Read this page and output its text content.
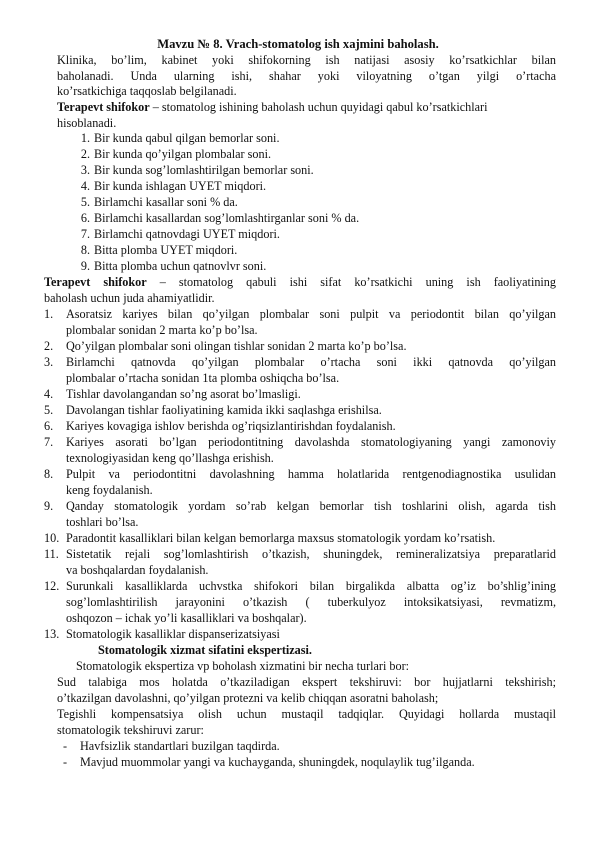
Mavzu № 8. Vrach-stomatolog ish xajmini baholash.
Klinika, bo’lim, kabinet yoki shifokorning ish natijasi asosiy ko’rsatkichlar bilan
baholanadi. Unda ularning ishi, shahar yoki viloyatning o’tgan yilgi o’rtacha
ko’rsatkichiga taqqoslab belgilanadi.
Terapevt shifokor – stomatolog ishining baholash uchun quyidagi qabul ko’rsatkichlari
hisoblanadi.
1. Bir kunda qabul qilgan bemorlar soni.
2. Bir kunda qo’yilgan plombalar soni.
3. Bir kunda sog’lomlashtirilgan bemorlar soni.
4. Bir kunda ishlagan UYET miqdori.
5. Birlamchi kasallar soni % da.
6. Birlamchi kasallardan sog’lomlashtirganlar soni % da.
7. Birlamchi qatnovdagi UYET miqdori.
8. Bitta plomba UYET miqdori.
9. Bitta plomba uchun qatnovlvr soni.
Terapevt shifokor – stomatolog qabuli ishi sifat ko’rsatkichi uning ish faoliyatining
baholash uchun juda ahamiyatlidir.
1.	Asoratsiz kariyes bilan qo’yilgan plombalar soni pulpit va periodontit bilan qo’yilgan
plombalar sonidan 2 marta ko’p bo’lsa.
2.	Qo’yilgan plombalar soni olingan tishlar sonidan 2 marta ko’p bo’lsa.
3.	Birlamchi qatnovda qo’yilgan plombalar o’rtacha soni ikki qatnovda qo’yilgan
plombalar o’rtacha sonidan 1ta plomba oshiqcha bo’lsa.
4.	Tishlar davolangandan so’ng asorat bo’lmasligi.
5.	Davolangan tishlar faoliyatining kamida ikki saqlashga erishilsa.
6.	Kariyes kovagiga ishlov berishda og’riqsizlantirishdan foydalanish.
7.	Kariyes asorati bo’lgan periodontitning davolashda stomatologiyaning yangi zamonoviy
texnologiyasidan keng qo’llashga erishish.
8.	Pulpit va periodontitni davolashning hamma holatlarida rentgenodiagnostika usulidan
keng foydalanish.
9.	Qanday stomatologik yordam so’rab kelgan bemorlar tish toshlarini olish, agarda tish
toshlari bo’lsa.
10. Paradontit kasalliklari bilan kelgan bemorlarga maxsus stomatologik yordam ko’rsatish.
11. Sistetatik rejali sog’lomlashtirish o’tkazish, shuningdek, remineralizatsiya preparatlarid
va boshqalardan foydalanish.
12. Surunkali kasalliklarda uchvstka shifokori bilan birgalikda albatta og’iz bo’shlig’ining
sog’lomlashtirilish jarayonini o’tkazish ( tuberkulyoz intoksikatsiyasi, revmatizm,
oshqozon – ichak yo’li kasalliklari va boshqalar).
13. Stomatologik kasalliklar dispanserizatsiyasi
Stomatologik xizmat sifatini ekspertizasi.
Stomatologik ekspertiza vp boholash xizmatini bir necha turlari bor:
Sud talabiga mos holatda o’tkaziladigan ekspert tekshiruvi: bor hujjatlarni tekshirish;
o’tkazilgan davolashni, qo’yilgan protezni va kelib chiqqan asoratni baholash;
Tegishli kompensatsiya olish uchun mustaqil tadqiqlar. Quyidagi hollarda mustaqil
stomatologik tekshiruvi zarur:
- Havfsizlik standartlari buzilgan taqdirda.
- Mavjud muommolar yangi va kuchayganda, shuningdek, noqulaylik tug’ilganda.
